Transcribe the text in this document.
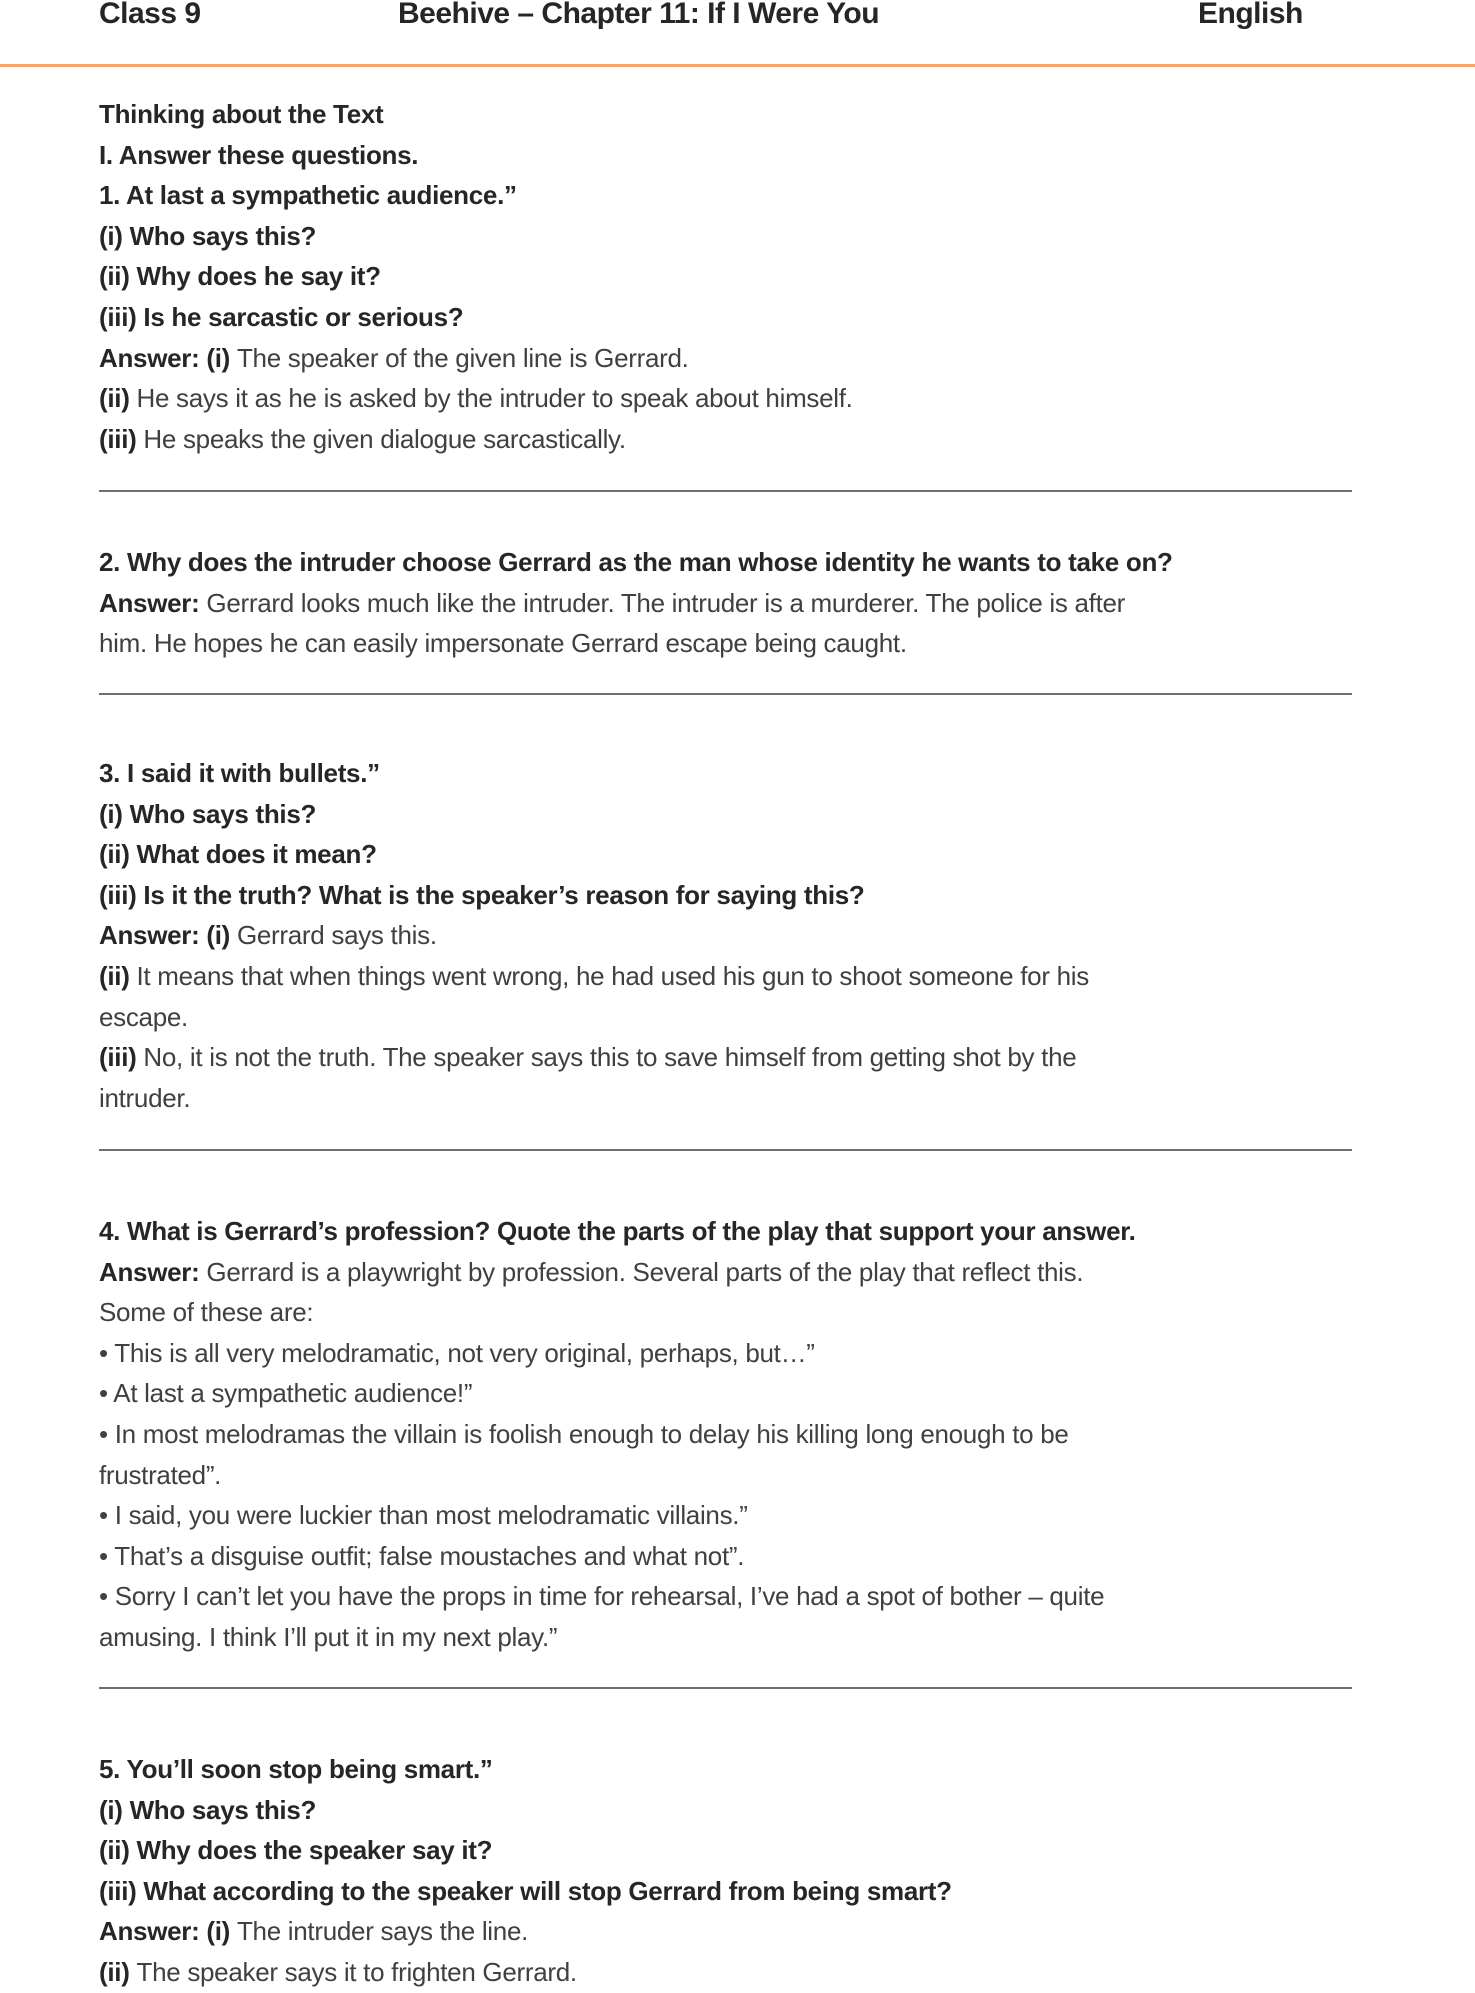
Class 9	Beehive – Chapter 11: If I Were You	English
Thinking about the Text
I. Answer these questions.
1. At last a sympathetic audience.”
(i) Who says this?
(ii) Why does he say it?
(iii) Is he sarcastic or serious?
Answer: (i) The speaker of the given line is Gerrard.
(ii) He says it as he is asked by the intruder to speak about himself.
(iii) He speaks the given dialogue sarcastically.
2. Why does the intruder choose Gerrard as the man whose identity he wants to take on?
Answer: Gerrard looks much like the intruder. The intruder is a murderer. The police is after
him. He hopes he can easily impersonate Gerrard escape being caught.
3. I said it with bullets.”
(i) Who says this?
(ii) What does it mean?
(iii) Is it the truth? What is the speaker’s reason for saying this?
Answer: (i) Gerrard says this.
(ii) It means that when things went wrong, he had used his gun to shoot someone for his
escape.
(iii) No, it is not the truth. The speaker says this to save himself from getting shot by the
intruder.
4. What is Gerrard’s profession? Quote the parts of the play that support your answer.
Answer: Gerrard is a playwright by profession. Several parts of the play that reflect this.
Some of these are:
• This is all very melodramatic, not very original, perhaps, but…”
• At last a sympathetic audience!”
• In most melodramas the villain is foolish enough to delay his killing long enough to be
frustrated”.
• I said, you were luckier than most melodramatic villains.”
• That’s a disguise outfit; false moustaches and what not”.
• Sorry I can’t let you have the props in time for rehearsal, I’ve had a spot of bother – quite
amusing. I think I’ll put it in my next play.”
5. You’ll soon stop being smart.”
(i) Who says this?
(ii) Why does the speaker say it?
(iii) What according to the speaker will stop Gerrard from being smart?
Answer: (i) The intruder says the line.
(ii) The speaker says it to frighten Gerrard.
